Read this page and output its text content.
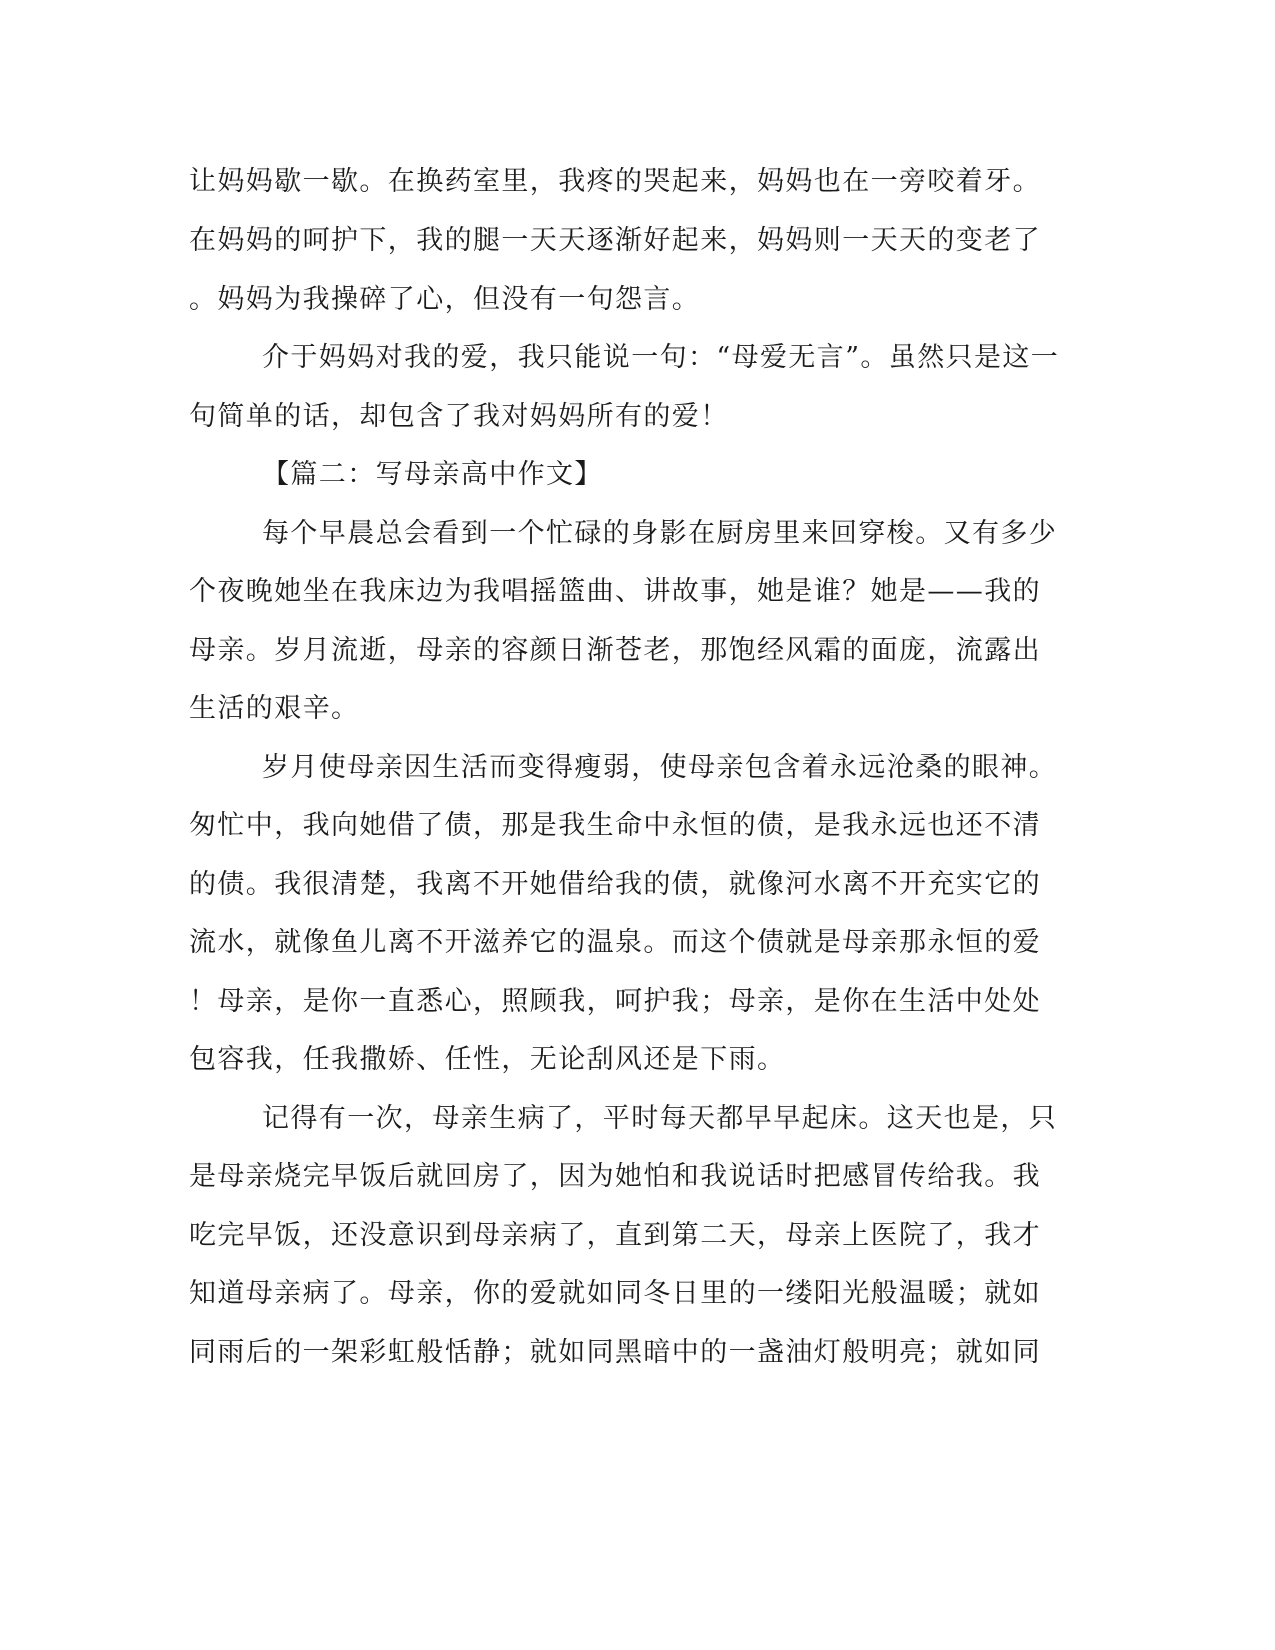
让妈妈歇一歇。在换药室里，我疼的哭起来，妈妈也在一旁咬着牙。
在妈妈的呵护下，我的腿一天天逐渐好起来，妈妈则一天天的变老了
。妈妈为我操碎了心，但没有一句怨言。
介于妈妈对我的爱，我只能说一句：“母爱无言”。虽然只是这一
句简单的话，却包含了我对妈妈所有的爱！
【篇二：写母亲高中作文】
每个早晨总会看到一个忙碌的身影在厨房里来回穿梭。又有多少
个夜晚她坐在我床边为我唱摇篮曲、讲故事，她是谁？她是——我的
母亲。岁月流逝，母亲的容颜日渐苍老，那饱经风霜的面庞，流露出
生活的艰辛。
岁月使母亲因生活而变得瘦弱，使母亲包含着永远沧桑的眼神。
匆忙中，我向她借了债，那是我生命中永恒的债，是我永远也还不清
的债。我很清楚，我离不开她借给我的债，就像河水离不开充实它的
流水，就像鱼儿离不开滋养它的温泉。而这个债就是母亲那永恒的爱
！母亲，是你一直悉心，照顾我，呵护我；母亲，是你在生活中处处
包容我，任我撒娇、任性，无论刮风还是下雨。
记得有一次，母亲生病了，平时每天都早早起床。这天也是，只
是母亲烧完早饭后就回房了，因为她怕和我说话时把感冒传给我。我
吃完早饭，还没意识到母亲病了，直到第二天，母亲上医院了，我才
知道母亲病了。母亲，你的爱就如同冬日里的一缕阳光般温暖；就如
同雨后的一架彩虹般恬静；就如同黑暗中的一盏油灯般明亮；就如同
